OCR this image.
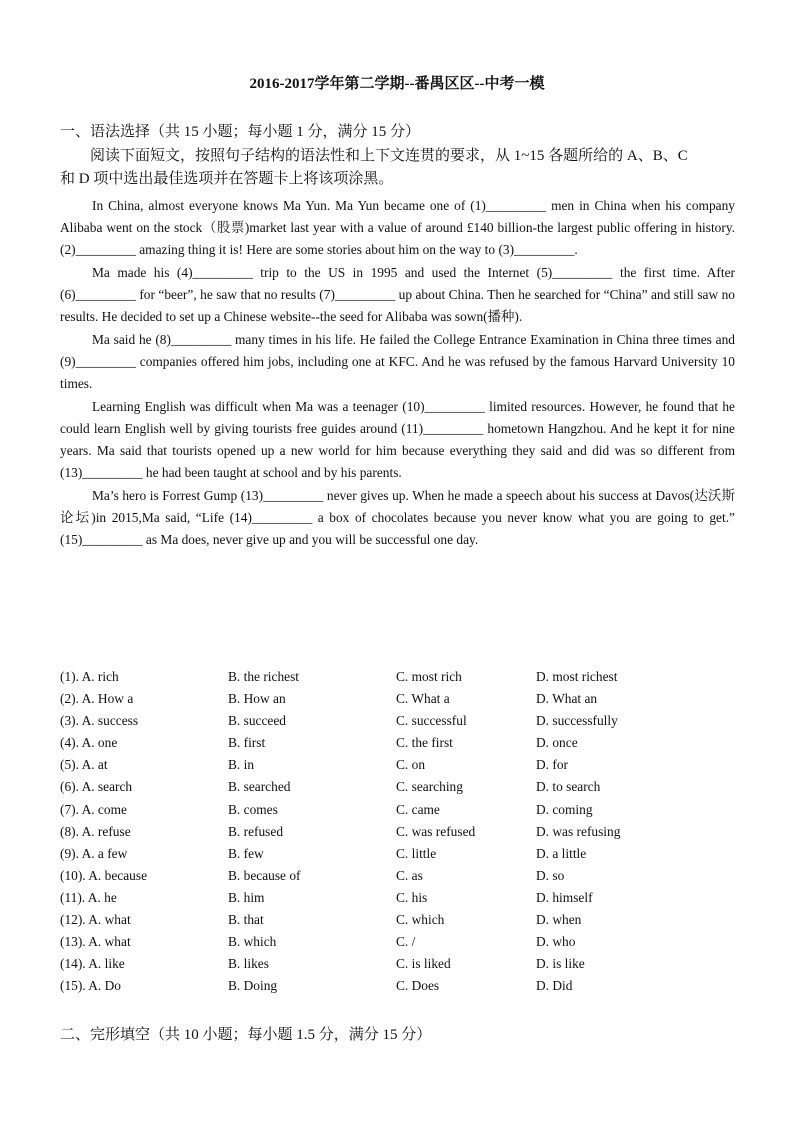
2016-2017学年第二学期--番禺区区--中考一模
一、语法选择（共 15 小题；每小题 1 分，满分 15 分）

阅读下面短文，按照句子结构的语法性和上下文连贯的要求，从 1~15 各题所给的 A、B、C

和 D 项中选出最佳选项并在答题卡上将该项涂黑。

In China, almost everyone knows Ma Yun. Ma Yun became one of (1)_________ men in China when his company Alibaba went on the stock（股票)market last year with a value of around £140 billion-the largest public offering in history. (2)_________ amazing thing it is! Here are some stories about him on the way to (3)_________.

Ma made his (4)_________ trip to the US in 1995 and used the Internet (5)_________ the first time. After (6)_________ for “beer”, he saw that no results (7)_________ up about China. Then he searched for “China” and still saw no results. He decided to set up a Chinese website--the seed for Alibaba was sown(播种).

Ma said he (8)_________ many times in his life. He failed the College Entrance Examination in China three times and (9)_________ companies offered him jobs, including one at KFC. And he was refused by the famous Harvard University 10 times.

Learning English was difficult when Ma was a teenager (10)_________ limited resources. However, he found that he could learn English well by giving tourists free guides around (11)_________ hometown Hangzhou. And he kept it for nine years. Ma said that tourists opened up a new world for him because everything they said and did was so different from (13)_________ he had been taught at school and by his parents.

Ma’s hero is Forrest Gump (13)_________ never gives up. When he made a speech about his success at Davos(达沃斯论坛)in 2015,Ma said, “Life (14)_________ a box of chocolates because you never know what you are going to get.” (15)_________ as Ma does, never give up and you will be successful one day.

(1). A. rich	B. the richest	C. most rich	D. most richest
(2). A. How a	B. How an	C. What a	D. What an
(3). A. success	B. succeed	C. successful	D. successfully
(4). A. one	B. first	C. the first	D. once
(5). A. at	B. in	C. on	D. for
(6). A. search	B. searched	C. searching	D. to search
(7). A. come	B. comes	C. came	D. coming
(8). A. refuse	B. refused	C. was refused	D. was refusing
(9). A. a few	B. few	C. little	D. a little
(10). A. because	B. because of	C. as	D. so
(11). A. he	B. him	C. his	D. himself
(12). A. what	B. that	C. which	D. when
(13). A. what	B. which	C. /	D. who
(14). A. like	B. likes	C. is liked	D. is like
(15). A. Do	B. Doing	C. Does	D. Did
二、完形填空（共 10 小题；每小题 1.5 分，满分 15 分）
